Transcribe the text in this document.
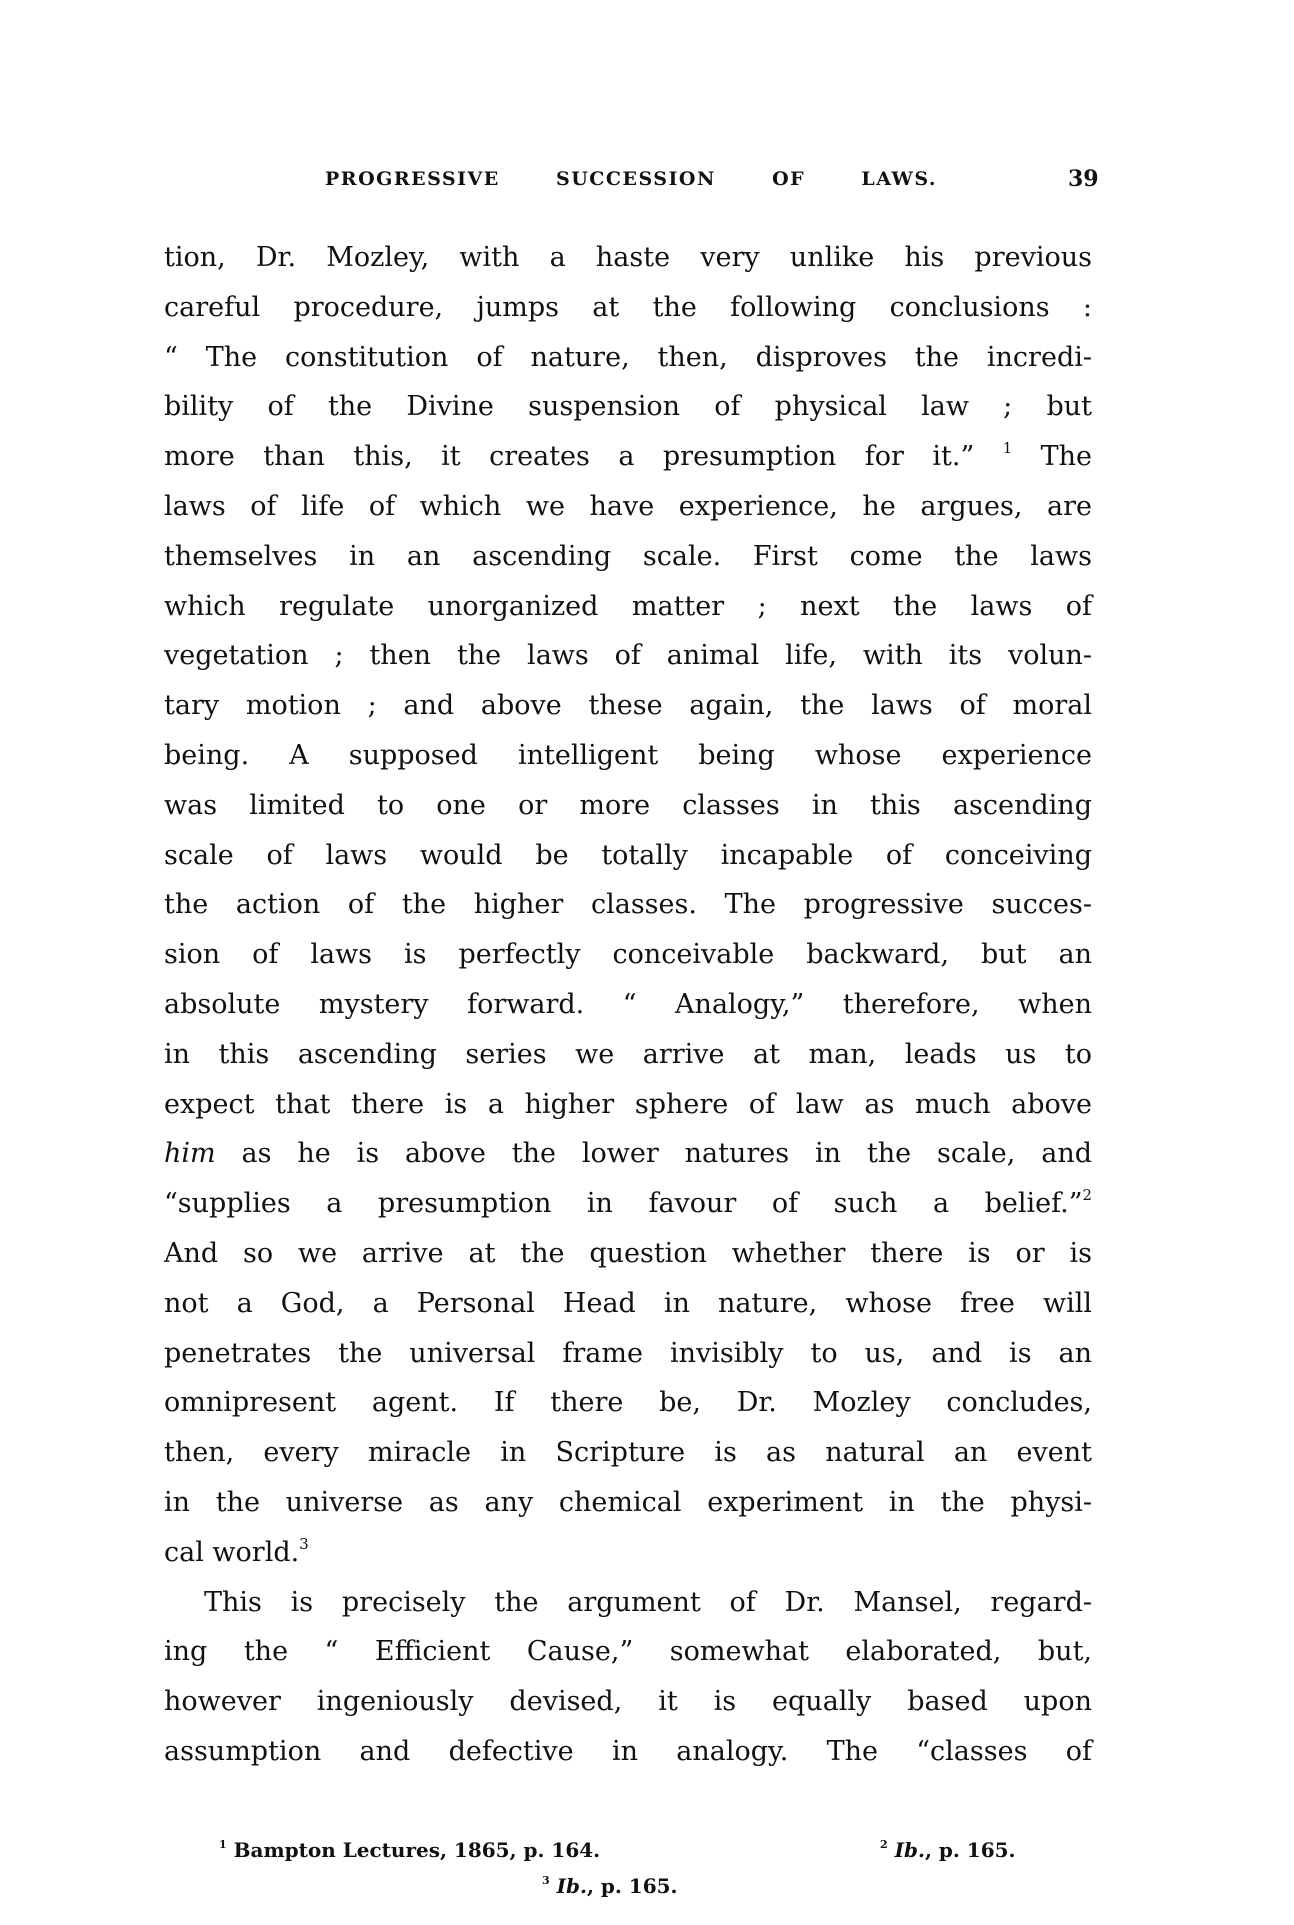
PROGRESSIVE SUCCESSION OF LAWS.	39
tion, Dr. Mozley, with a haste very unlike his previous
careful procedure, jumps at the following conclusions :
“ The constitution of nature, then, disproves the incredi-
bility of the Divine suspension of physical law ; but
more than this, it creates a presumption for it.” $^1$ The
laws of life of which we have experience, he argues, are
themselves in an ascending scale. First come the laws
which regulate unorganized matter ; next the laws of
vegetation ; then the laws of animal life, with its volun-
tary motion ; and above these again, the laws of moral
being. A supposed intelligent being whose experience
was limited to one or more classes in this ascending
scale of laws would be totally incapable of conceiving
the action of the higher classes. The progressive succes-
sion of laws is perfectly conceivable backward, but an
absolute mystery forward. “ Analogy,” therefore, when
in this ascending series we arrive at man, leads us to
expect that there is a higher sphere of law as much above
him as he is above the lower natures in the scale, and
“supplies a presumption in favour of such a belief.”$^2$
And so we arrive at the question whether there is or is
not a God, a Personal Head in nature, whose free will
penetrates the universal frame invisibly to us, and is an
omnipresent agent. If there be, Dr. Mozley concludes,
then, every miracle in Scripture is as natural an event
in the universe as any chemical experiment in the physi-
cal world.$^3$
This is precisely the argument of Dr. Mansel, regard-
ing the “ Efficient Cause,” somewhat elaborated, but,
however ingeniously devised, it is equally based upon
assumption and defective in analogy. The “classes of
$^1$ Bampton Lectures, 1865, p. 164.	$^2$ Ib., p. 165.
$^3$ Ib., p. 165.
